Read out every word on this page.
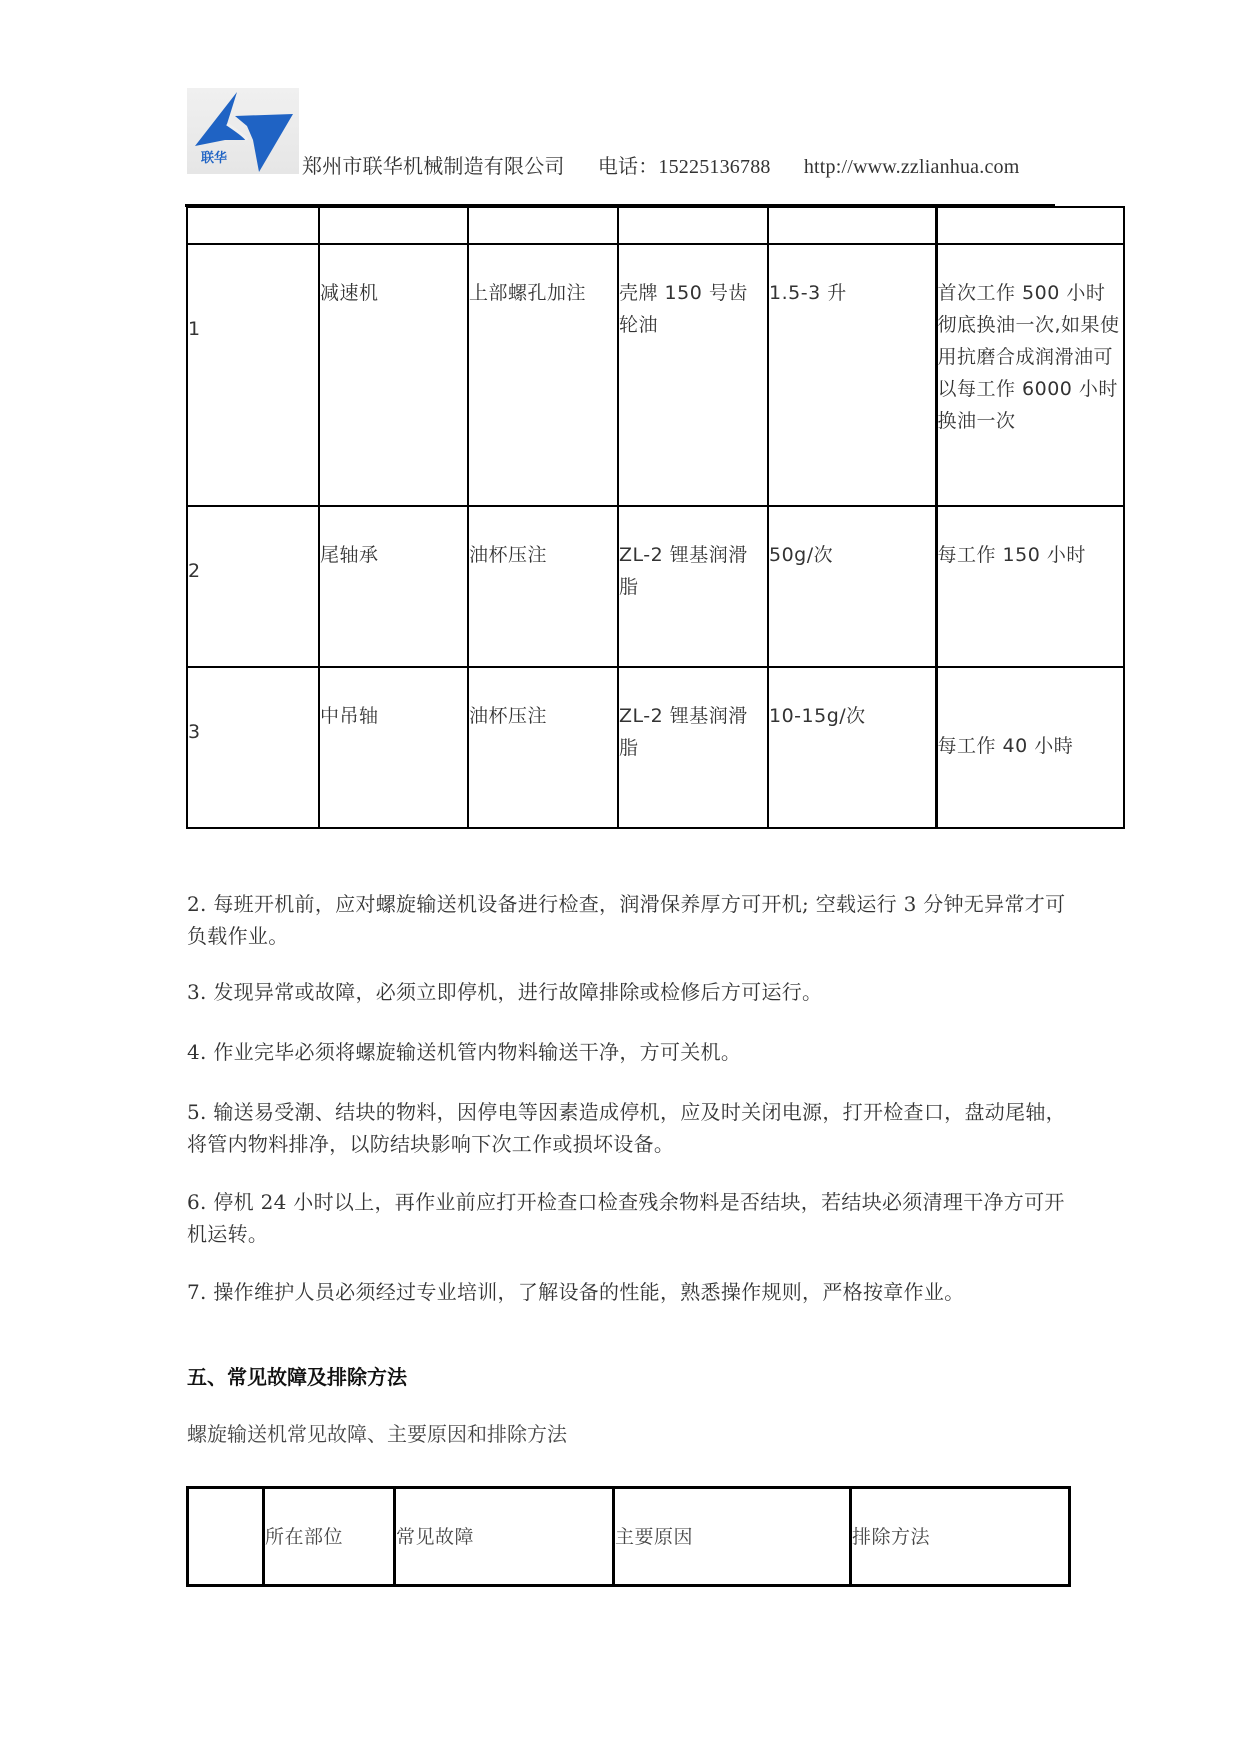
联华	郑州市联华机械制造有限公司 电话：15225136788 http://www.zzlianhua.com

1	减速机	上部螺孔加注	壳牌 150 号齿轮油	1.5-3 升	首次工作 500 小时彻底换油一次,如果使用抗磨合成润滑油可以每工作 6000 小时换油一次

2	尾轴承	油杯压注	ZL-2 锂基润滑脂	50g/次	每工作 150 小时

3	中吊轴	油杯压注	ZL-2 锂基润滑脂	10-15g/次	每工作 40 小時
2. 每班开机前，应对螺旋输送机设备进行检查，润滑保养厚方可开机; 空载运行 3 分钟无异常才可负载作业。
3. 发现异常或故障，必须立即停机，进行故障排除或检修后方可运行。
4. 作业完毕必须将螺旋输送机管内物料输送干净，方可关机。
5. 输送易受潮、结块的物料，因停电等因素造成停机，应及时关闭电源，打开检查口，盘动尾轴，将管内物料排净，以防结块影响下次工作或损坏设备。
6. 停机 24 小时以上，再作业前应打开检查口检查残余物料是否结块，若结块必须清理干净方可开机运转。
7. 操作维护人员必须经过专业培训，了解设备的性能，熟悉操作规则，严格按章作业。
五、常见故障及排除方法
螺旋输送机常见故障、主要原因和排除方法
	所在部位	常见故障	主要原因	排除方法
